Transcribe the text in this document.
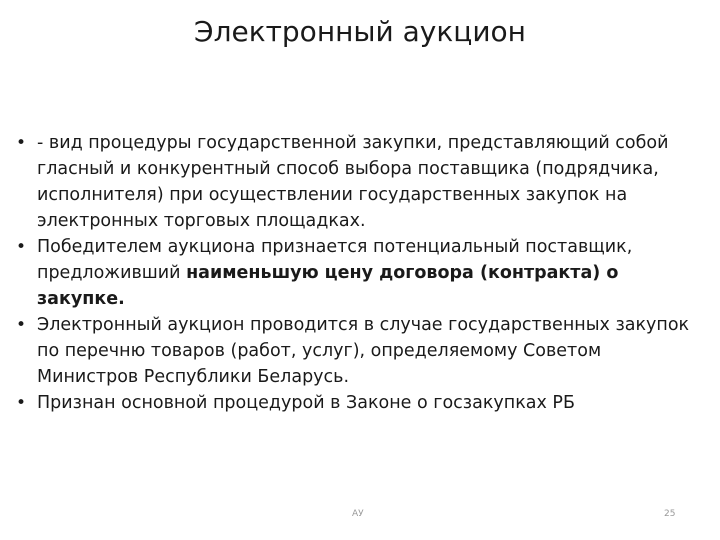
Электронный аукцион
• - вид процедуры государственной закупки, представляющий собой гласный и конкурентный способ выбора поставщика (подрядчика, исполнителя) при осуществлении государственных закупок на электронных торговых площадках.
• Победителем аукциона признается потенциальный поставщик, предложивший наименьшую цену договора (контракта) о закупке.
• Электронный аукцион проводится в случае государственных закупок по перечню товаров (работ, услуг), определяемому Советом Министров Республики Беларусь.
• Признан основной процедурой в Законе о госзакупках РБ
АУ	25
